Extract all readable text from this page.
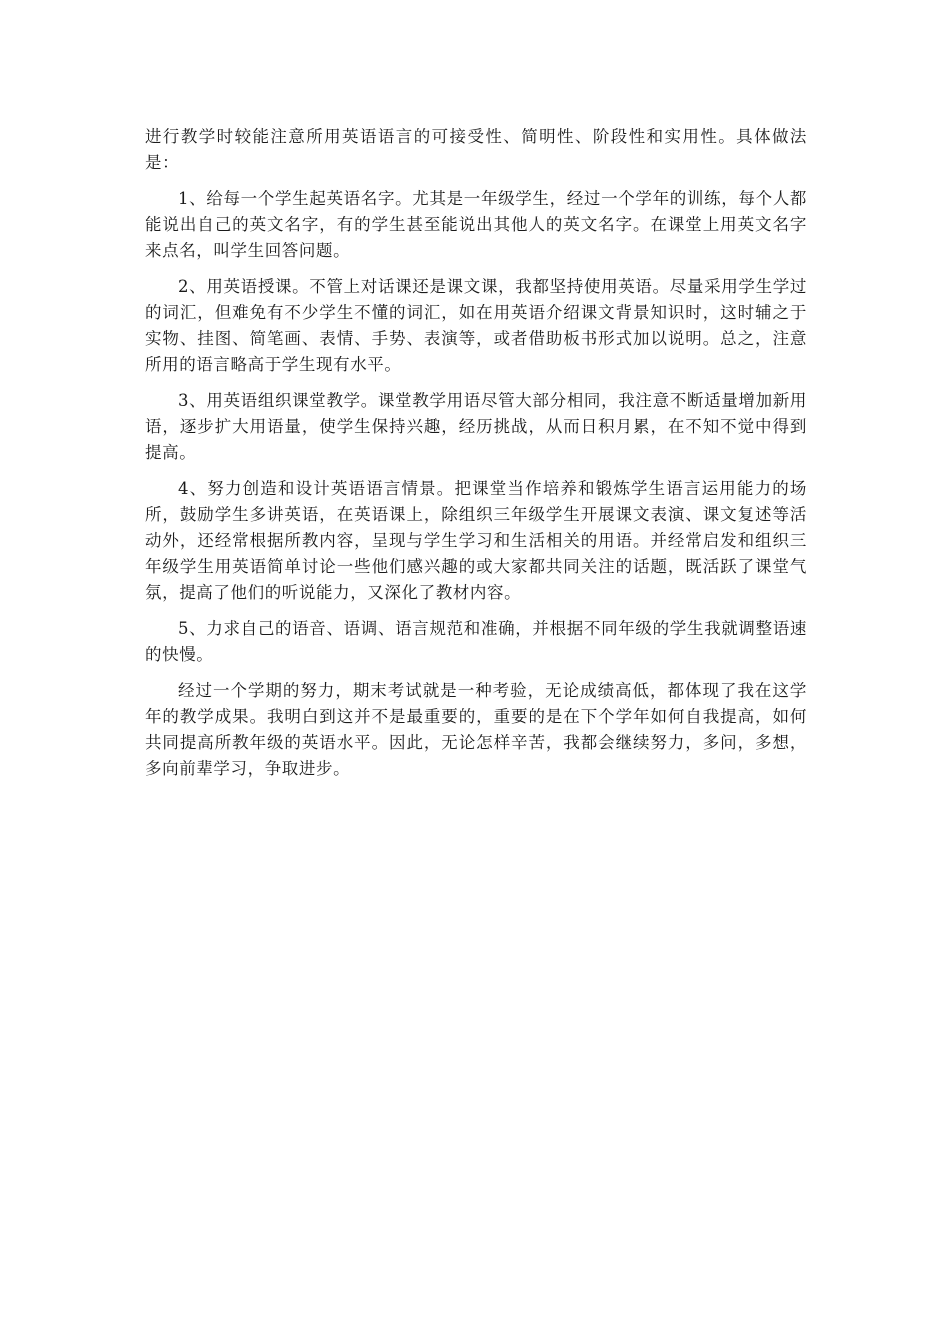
进行教学时较能注意所用英语语言的可接受性、简明性、阶段性和实用性。具体做法是：

1、给每一个学生起英语名字。尤其是一年级学生，经过一个学年的训练，每个人都能说出自己的英文名字，有的学生甚至能说出其他人的英文名字。在课堂上用英文名字来点名，叫学生回答问题。

2、用英语授课。不管上对话课还是课文课，我都坚持使用英语。尽量采用学生学过的词汇，但难免有不少学生不懂的词汇，如在用英语介绍课文背景知识时，这时辅之于实物、挂图、简笔画、表情、手势、表演等，或者借助板书形式加以说明。总之，注意所用的语言略高于学生现有水平。

3、用英语组织课堂教学。课堂教学用语尽管大部分相同，我注意不断适量增加新用语，逐步扩大用语量，使学生保持兴趣，经历挑战，从而日积月累，在不知不觉中得到提高。

4、努力创造和设计英语语言情景。把课堂当作培养和锻炼学生语言运用能力的场所，鼓励学生多讲英语，在英语课上，除组织三年级学生开展课文表演、课文复述等活动外，还经常根据所教内容，呈现与学生学习和生活相关的用语。并经常启发和组织三年级学生用英语简单讨论一些他们感兴趣的或大家都共同关注的话题，既活跃了课堂气氛，提高了他们的听说能力，又深化了教材内容。

5、力求自己的语音、语调、语言规范和准确，并根据不同年级的学生我就调整语速的快慢。

经过一个学期的努力，期末考试就是一种考验，无论成绩高低，都体现了我在这学年的教学成果。我明白到这并不是最重要的，重要的是在下个学年如何自我提高，如何共同提高所教年级的英语水平。因此，无论怎样辛苦，我都会继续努力，多问，多想，多向前辈学习，争取进步。
